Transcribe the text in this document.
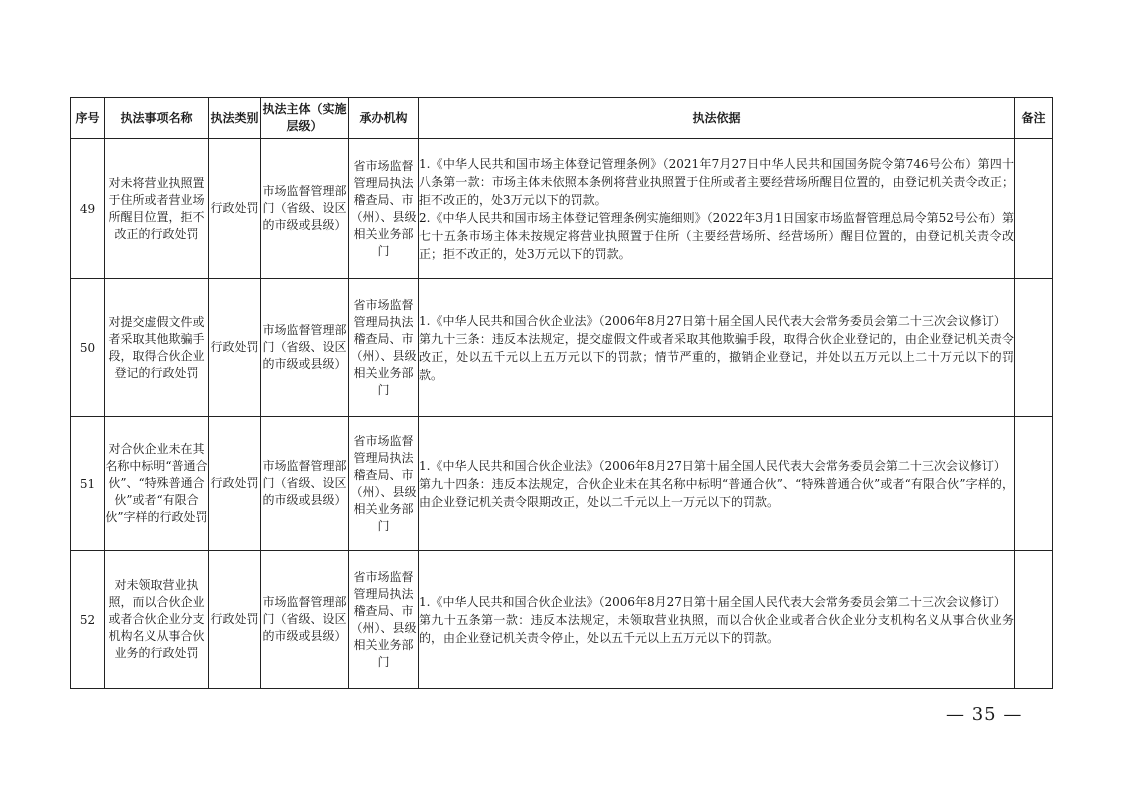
序号	执法事项名称	执法类别	执法主体（实施层级）	承办机构	执法依据	备注
49	对未将营业执照置于住所或者营业场所醒目位置，拒不改正的行政处罚	行政处罚	市场监督管理部门（省级、设区的市级或县级）	省市场监督管理局执法稽查局、市（州）、县级相关业务部门	1.《中华人民共和国市场主体登记管理条例》（2021年7月27日中华人民共和国国务院令第746号公布）第四十八条第一款：市场主体未依照本条例将营业执照置于住所或者主要经营场所醒目位置的，由登记机关责令改正；拒不改正的，处3万元以下的罚款。

2.《中华人民共和国市场主体登记管理条例实施细则》（2022年3月1日国家市场监督管理总局令第52号公布）第七十五条市场主体未按规定将营业执照置于住所（主要经营场所、经营场所）醒目位置的，由登记机关责令改正；拒不改正的，处3万元以下的罚款。	

50	对提交虚假文件或者采取其他欺骗手段，取得合伙企业登记的行政处罚	行政处罚	市场监督管理部门（省级、设区的市级或县级）	省市场监督管理局执法稽查局、市（州）、县级相关业务部门	1.《中华人民共和国合伙企业法》（2006年8月27日第十届全国人民代表大会常务委员会第二十三次会议修订）

第九十三条：违反本法规定，提交虚假文件或者采取其他欺骗手段，取得合伙企业登记的，由企业登记机关责令改正，处以五千元以上五万元以下的罚款；情节严重的，撤销企业登记，并处以五万元以上二十万元以下的罚款。	

51	对合伙企业未在其名称中标明“普通合伙”、“特殊普通合伙”或者“有限合伙”字样的行政处罚	行政处罚	市场监督管理部门（省级、设区的市级或县级）	省市场监督管理局执法稽查局、市（州）、县级相关业务部门	1.《中华人民共和国合伙企业法》（2006年8月27日第十届全国人民代表大会常务委员会第二十三次会议修订）

第九十四条：违反本法规定，合伙企业未在其名称中标明“普通合伙”、“特殊普通合伙”或者“有限合伙”字样的，由企业登记机关责令限期改正，处以二千元以上一万元以下的罚款。	

52	对未领取营业执照，而以合伙企业或者合伙企业分支机构名义从事合伙业务的行政处罚	行政处罚	市场监督管理部门（省级、设区的市级或县级）	省市场监督管理局执法稽查局、市（州）、县级相关业务部门	1.《中华人民共和国合伙企业法》（2006年8月27日第十届全国人民代表大会常务委员会第二十三次会议修订）

第九十五条第一款：违反本法规定，未领取营业执照，而以合伙企业或者合伙企业分支机构名义从事合伙业务的，由企业登记机关责令停止，处以五千元以上五万元以下的罚款。	

— 35 —
